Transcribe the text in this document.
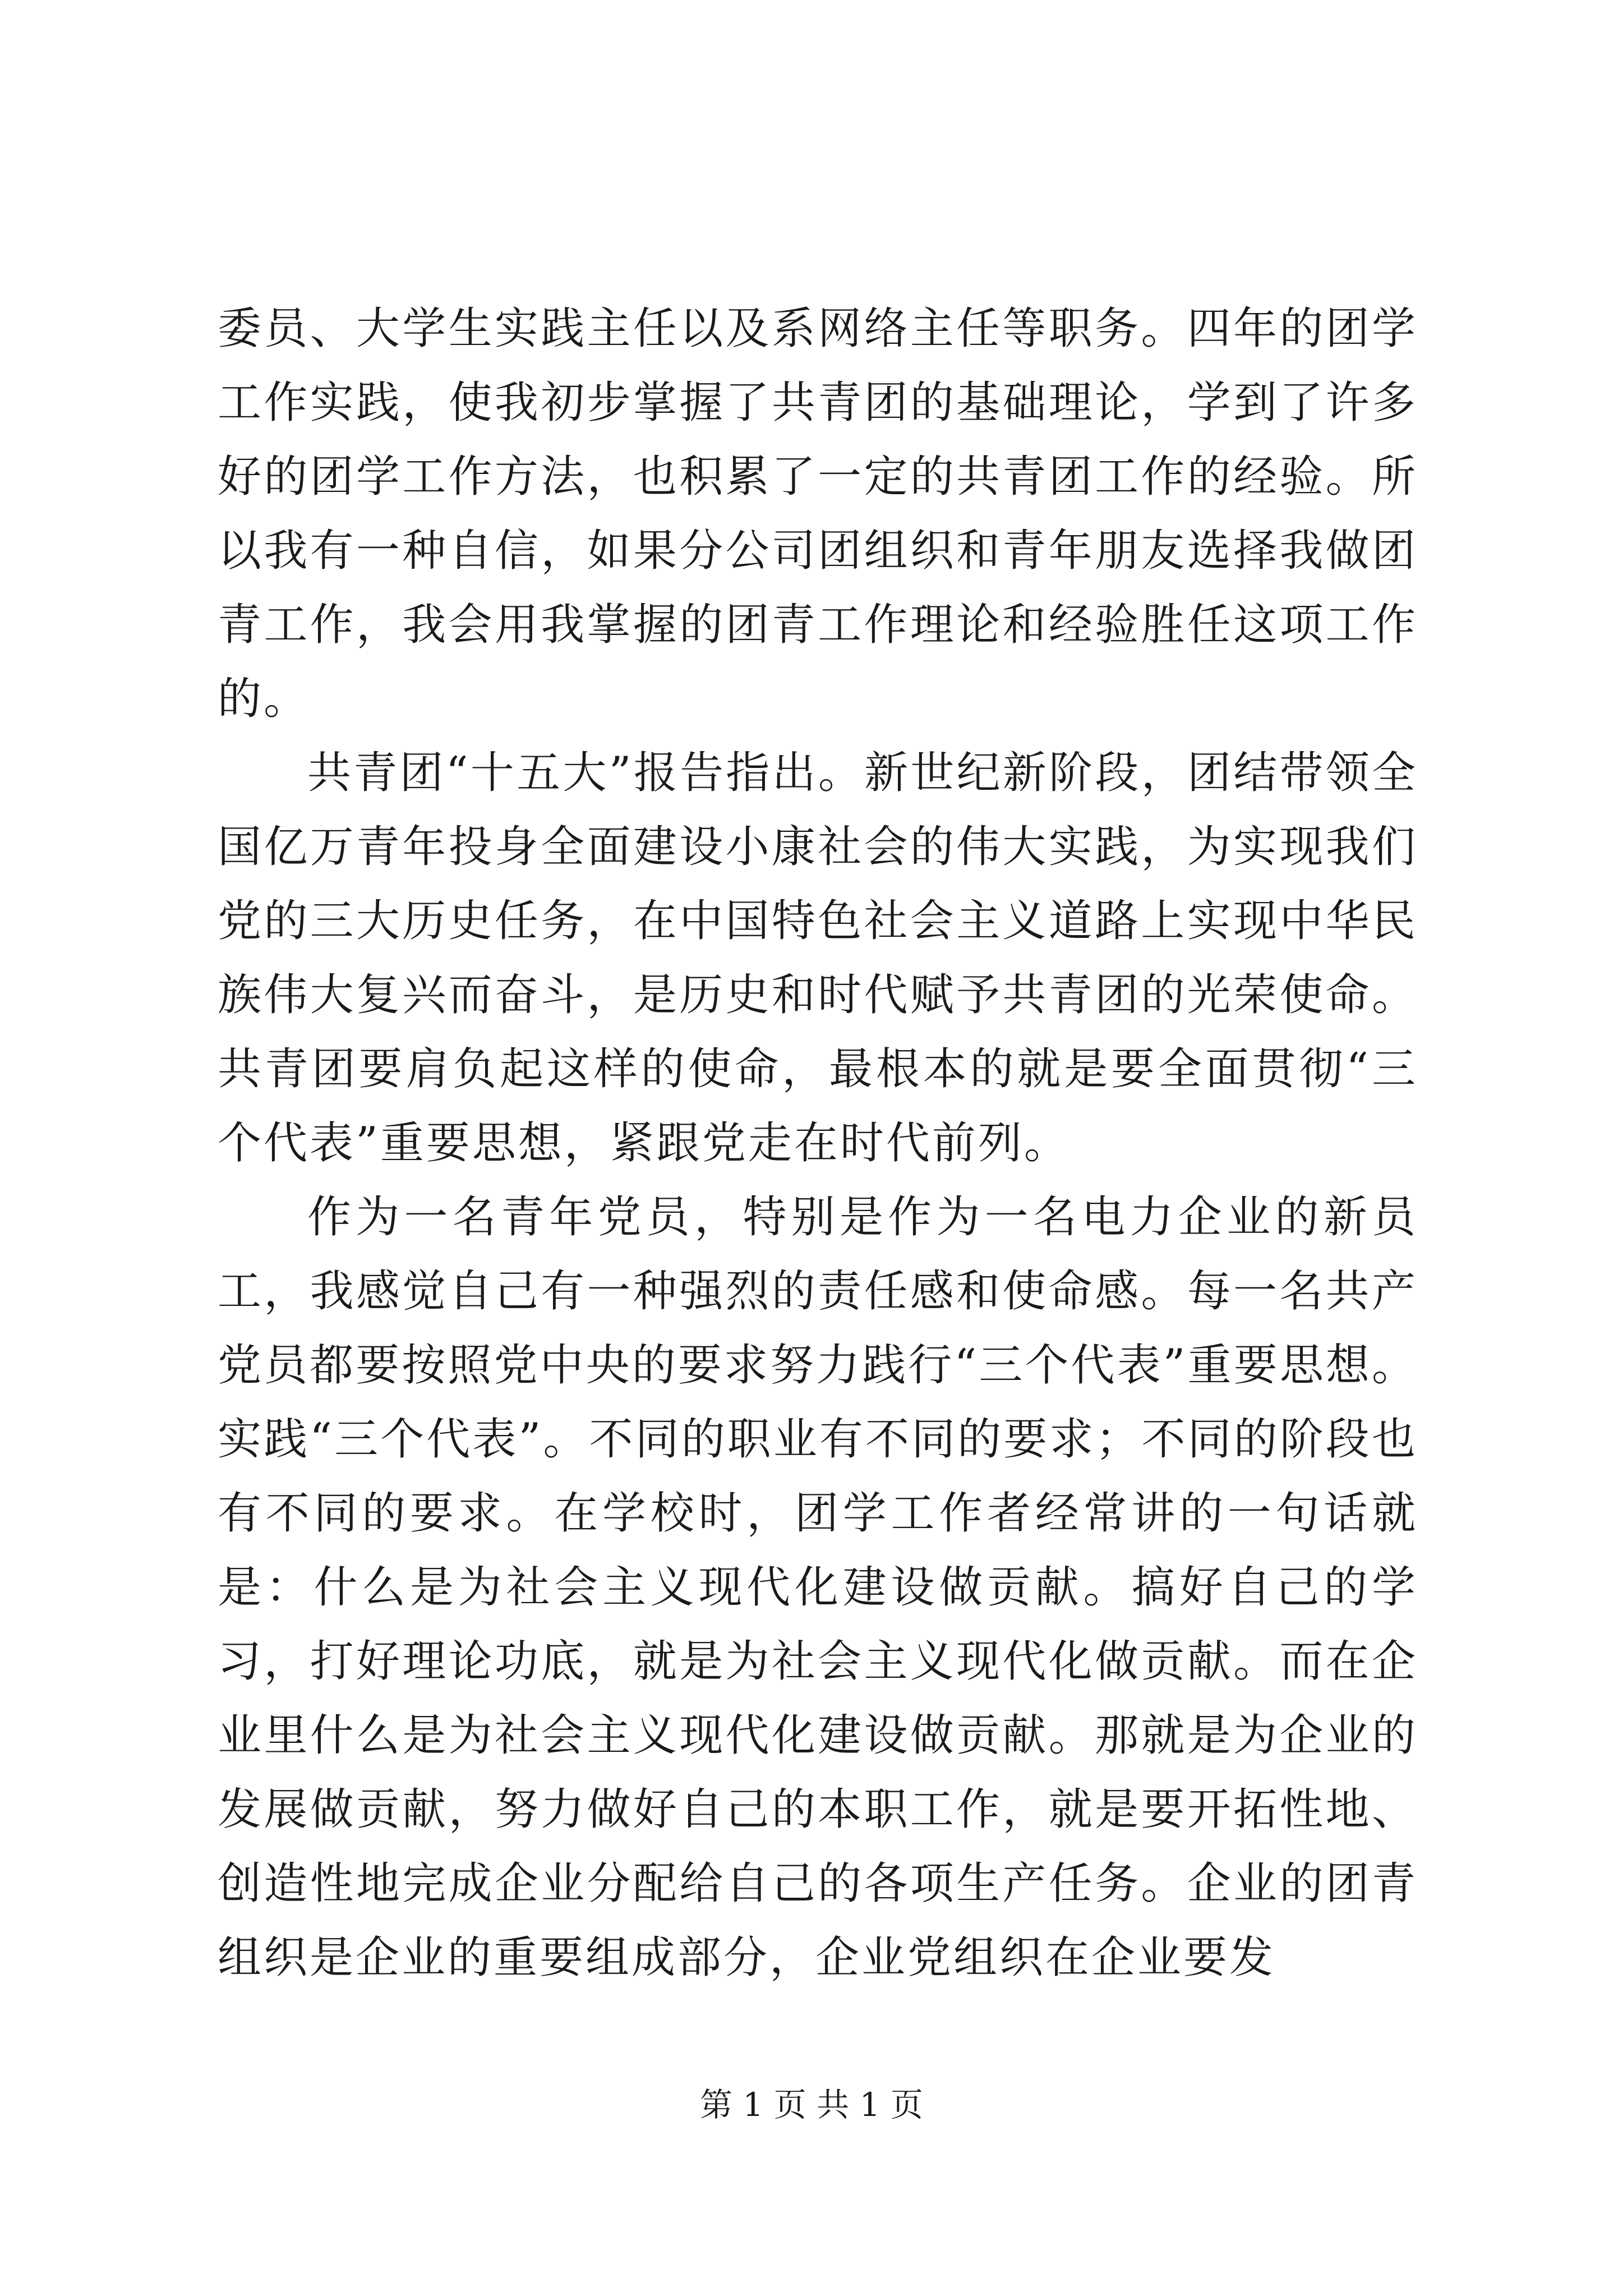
委员、大学生实践主任以及系网络主任等职务。四年的团学工作实践，使我初步掌握了共青团的基础理论，学到了许多好的团学工作方法，也积累了一定的共青团工作的经验。所以我有一种自信，如果分公司团组织和青年朋友选择我做团青工作，我会用我掌握的团青工作理论和经验胜任这项工作的。

共青团“十五大”报告指出。新世纪新阶段，团结带领全国亿万青年投身全面建设小康社会的伟大实践，为实现我们党的三大历史任务，在中国特色社会主义道路上实现中华民族伟大复兴而奋斗，是历史和时代赋予共青团的光荣使命。共青团要肩负起这样的使命，最根本的就是要全面贯彻“三个代表”重要思想，紧跟党走在时代前列。

作为一名青年党员，特别是作为一名电力企业的新员工，我感觉自己有一种强烈的责任感和使命感。每一名共产党员都要按照党中央的要求努力践行“三个代表”重要思想。实践“三个代表”。不同的职业有不同的要求；不同的阶段也有不同的要求。在学校时，团学工作者经常讲的一句话就是：什么是为社会主义现代化建设做贡献。搞好自己的学习，打好理论功底，就是为社会主义现代化做贡献。而在企业里什么是为社会主义现代化建设做贡献。那就是为企业的发展做贡献，努力做好自己的本职工作，就是要开拓性地、创造性地完成企业分配给自己的各项生产任务。企业的团青组织是企业的重要组成部分，企业党组织在企业要发

第 1 页 共 1 页
